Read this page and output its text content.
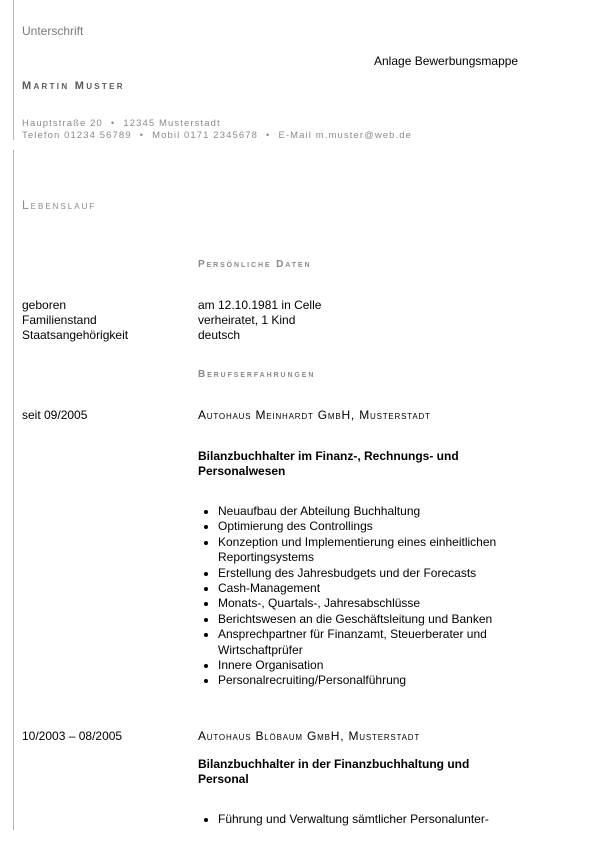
Unterschrift
Anlage Bewerbungsmappe
Martin Muster
Hauptstraße 20 • 12345 Musterstadt
Telefon 01234 56789 • Mobil 0171 2345678 • E-Mail m.muster@web.de
Lebenslauf
Persönliche Daten
geboren	am 12.10.1981 in Celle
Familienstand	verheiratet, 1 Kind
Staatsangehörigkeit	deutsch
Berufserfahrungen
seit 09/2005	Autohaus Meinhardt GmbH, Musterstadt
Bilanzbuchhalter im Finanz-, Rechnungs- und Personalwesen
• Neuaufbau der Abteilung Buchhaltung
• Optimierung des Controllings
• Konzeption und Implementierung eines einheitlichen Reportingsystems
• Erstellung des Jahresbudgets und der Forecasts
• Cash-Management
• Monats-, Quartals-, Jahresabschlüsse
• Berichtswesen an die Geschäftsleitung und Banken
• Ansprechpartner für Finanzamt, Steuerberater und Wirtschaftprüfer
• Innere Organisation
• Personalrecruiting/Personalführung
10/2003 – 08/2005	Autohaus Blöbaum GmbH, Musterstadt
Bilanzbuchhalter in der Finanzbuchhaltung und Personal
• Führung und Verwaltung sämtlicher Personalunter-
